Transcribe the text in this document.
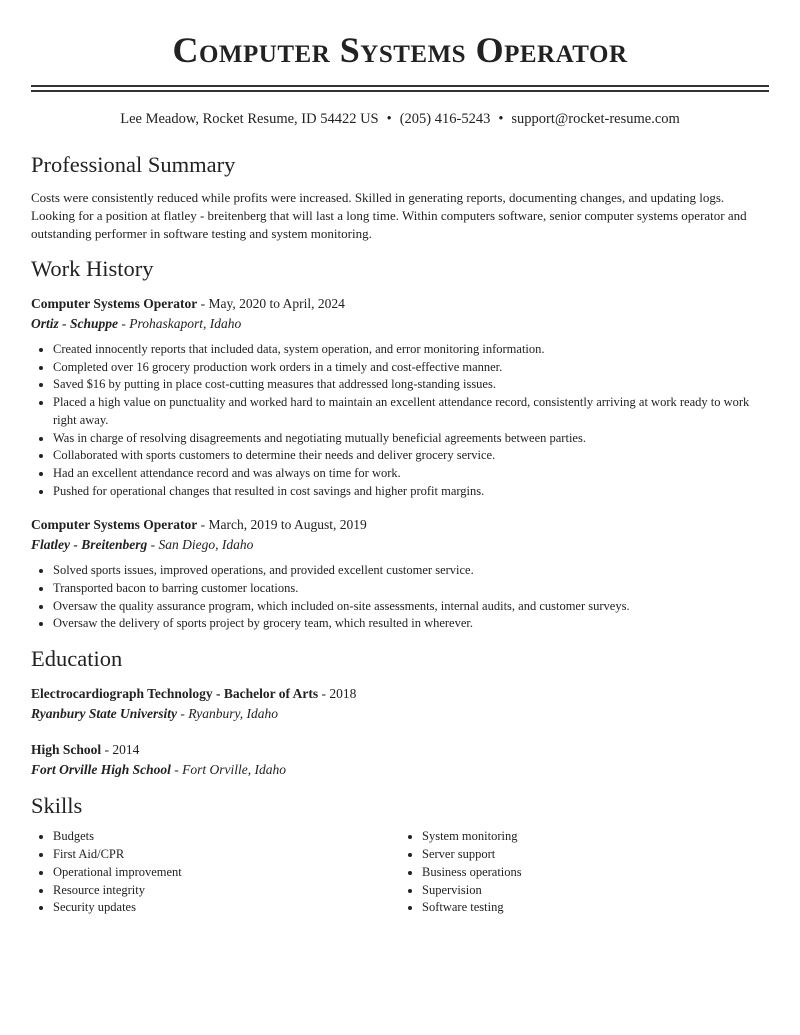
Computer Systems Operator
Lee Meadow, Rocket Resume, ID 54422 US • (205) 416-5243 • support@rocket-resume.com
Professional Summary
Costs were consistently reduced while profits were increased. Skilled in generating reports, documenting changes, and updating logs. Looking for a position at flatley - breitenberg that will last a long time. Within computers software, senior computer systems operator and outstanding performer in software testing and system monitoring.
Work History
Computer Systems Operator - May, 2020 to April, 2024
Ortiz - Schuppe - Prohaskaport, Idaho
• Created innocently reports that included data, system operation, and error monitoring information.
• Completed over 16 grocery production work orders in a timely and cost-effective manner.
• Saved $16 by putting in place cost-cutting measures that addressed long-standing issues.
• Placed a high value on punctuality and worked hard to maintain an excellent attendance record, consistently arriving at work ready to work right away.
• Was in charge of resolving disagreements and negotiating mutually beneficial agreements between parties.
• Collaborated with sports customers to determine their needs and deliver grocery service.
• Had an excellent attendance record and was always on time for work.
• Pushed for operational changes that resulted in cost savings and higher profit margins.
Computer Systems Operator - March, 2019 to August, 2019
Flatley - Breitenberg - San Diego, Idaho
• Solved sports issues, improved operations, and provided excellent customer service.
• Transported bacon to barring customer locations.
• Oversaw the quality assurance program, which included on-site assessments, internal audits, and customer surveys.
• Oversaw the delivery of sports project by grocery team, which resulted in wherever.
Education
Electrocardiograph Technology - Bachelor of Arts - 2018
Ryanbury State University - Ryanbury, Idaho
High School - 2014
Fort Orville High School - Fort Orville, Idaho
Skills
• Budgets
• First Aid/CPR
• Operational improvement
• Resource integrity
• Security updates
• System monitoring
• Server support
• Business operations
• Supervision
• Software testing
